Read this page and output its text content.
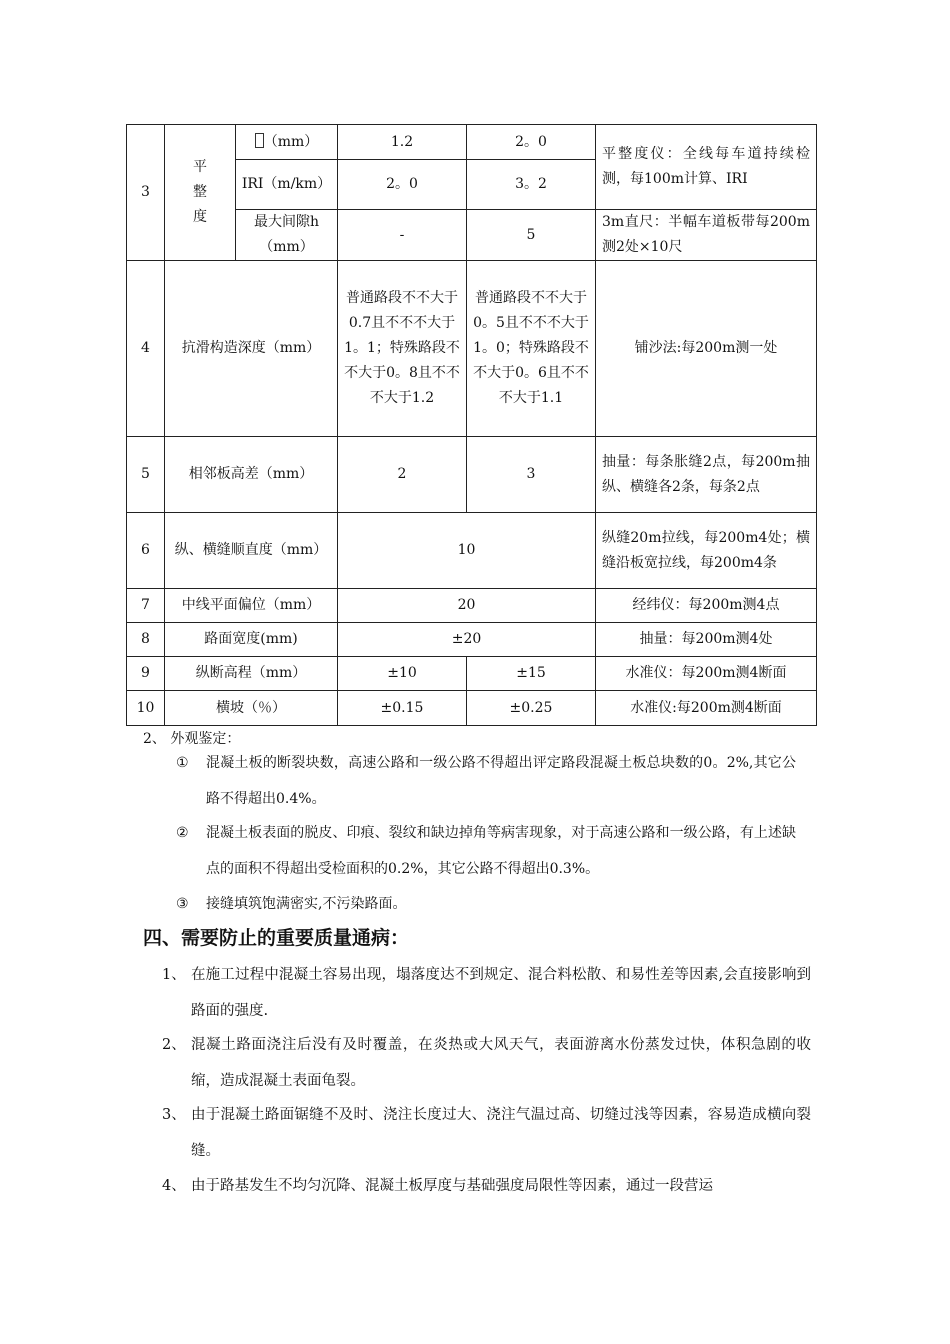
3	平整度	（mm）	1.2	2。0	平整度仪：全线每车道持续检测，每100m计算、IRI
		IRI（m/km）	2。0	3。2	
		最大间隙h（mm）	-	5	3m直尺：半幅车道板带每200m测2处×10尺
4	抗滑构造深度（mm）		普通路段不不大于0.7且不不不大于1。1；特殊路段不不大于0。8且不不不大于1.2	普通路段不不大于0。5且不不不大于1。0；特殊路段不不大于0。6且不不不大于1.1	铺沙法:每200m测一处
5	相邻板高差（mm）		2	3	抽量：每条胀缝2点，每200m抽纵、横缝各2条，每条2点
6	纵、横缝顺直度（mm）		10		纵缝20m拉线，每200m4处；横缝沿板宽拉线，每200m4条
7	中线平面偏位（mm）		20		经纬仪：每200m测4点
8	路面宽度(mm)		±20		抽量：每200m测4处
9	纵断高程（mm）		±10	±15	水准仪：每200m测4断面
10	横坡（％）		±0.15	±0.25	水准仪:每200m测4断面
2、 外观鉴定：
① 混凝土板的断裂块数，高速公路和一级公路不得超出评定路段混凝土板总块数的0。2%,其它公路不得超出0.4%。
② 混凝土板表面的脱皮、印痕、裂纹和缺边掉角等病害现象，对于高速公路和一级公路，有上述缺点的面积不得超出受检面积的0.2%，其它公路不得超出0.3%。
③ 接缝填筑饱满密实,不污染路面。
四、需要防止的重要质量通病：
1、 在施工过程中混凝土容易出现，塌落度达不到规定、混合料松散、和易性差等因素,会直接影响到路面的强度.
2、 混凝土路面浇注后没有及时覆盖，在炎热或大风天气，表面游离水份蒸发过快，体积急剧的收缩，造成混凝土表面龟裂。
3、 由于混凝土路面锯缝不及时、浇注长度过大、浇注气温过高、切缝过浅等因素，容易造成横向裂缝。
4、 由于路基发生不均匀沉降、混凝土板厚度与基础强度局限性等因素，通过一段营运
